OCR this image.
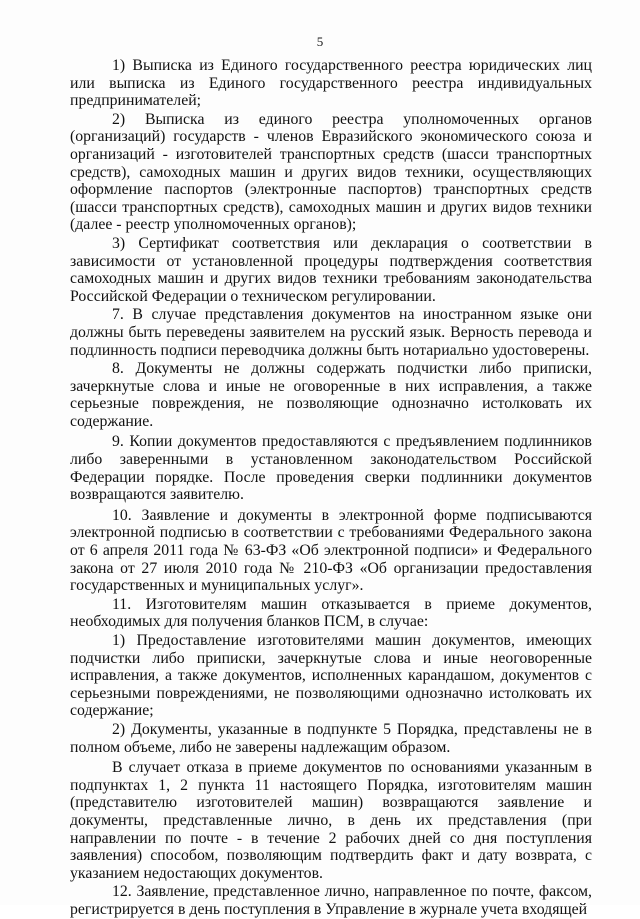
5

1) Выписка из Единого государственного реестра юридических лиц или выписка из Единого государственного реестра индивидуальных предпринимателей;

2) Выписка из единого реестра уполномоченных органов (организаций) государств - членов Евразийского экономического союза и организаций - изготовителей транспортных средств (шасси транспортных средств), самоходных машин и других видов техники, осуществляющих оформление паспортов (электронные паспортов) транспортных средств (шасси транспортных средств), самоходных машин и других видов техники (далее - реестр уполномоченных органов);

3) Сертификат соответствия или декларация о соответствии в зависимости от установленной процедуры подтверждения соответствия самоходных машин и других видов техники требованиям законодательства Российской Федерации о техническом регулировании.

7. В случае представления документов на иностранном языке они должны быть переведены заявителем на русский язык. Верность перевода и подлинность подписи переводчика должны быть нотариально удостоверены.

8. Документы не должны содержать подчистки либо приписки, зачеркнутые слова и иные не оговоренные в них исправления, а также серьезные повреждения, не позволяющие однозначно истолковать их содержание.

9. Копии документов предоставляются с предъявлением подлинников либо заверенными в установленном законодательством Российской Федерации порядке. После проведения сверки подлинники документов возвращаются заявителю.

10. Заявление и документы в электронной форме подписываются электронной подписью в соответствии с требованиями Федерального закона от 6 апреля 2011 года № 63-ФЗ «Об электронной подписи» и Федерального закона от 27 июля 2010 года № 210-ФЗ «Об организации предоставления государственных и муниципальных услуг».

11. Изготовителям машин отказывается в приеме документов, необходимых для получения бланков ПСМ, в случае:

1) Предоставление изготовителями машин документов, имеющих подчистки либо приписки, зачеркнутые слова и иные неоговоренные исправления, а также документов, исполненных карандашом, документов с серьезными повреждениями, не позволяющими однозначно истолковать их содержание;

2) Документы, указанные в подпункте 5 Порядка, представлены не в полном объеме, либо не заверены надлежащим образом.

В случает отказа в приеме документов по основаниями указанным в подпунктах 1, 2 пункта 11 настоящего Порядка, изготовителям машин (представителю изготовителей машин) возвращаются заявление и документы, представленные лично, в день их представления (при направлении по почте - в течение 2 рабочих дней со дня поступления заявления) способом, позволяющим подтвердить факт и дату возврата, с указанием недостающих документов.

12. Заявление, представленное лично, направленное по почте, факсом, регистрируется в день поступления в Управление в журнале учета входящей
